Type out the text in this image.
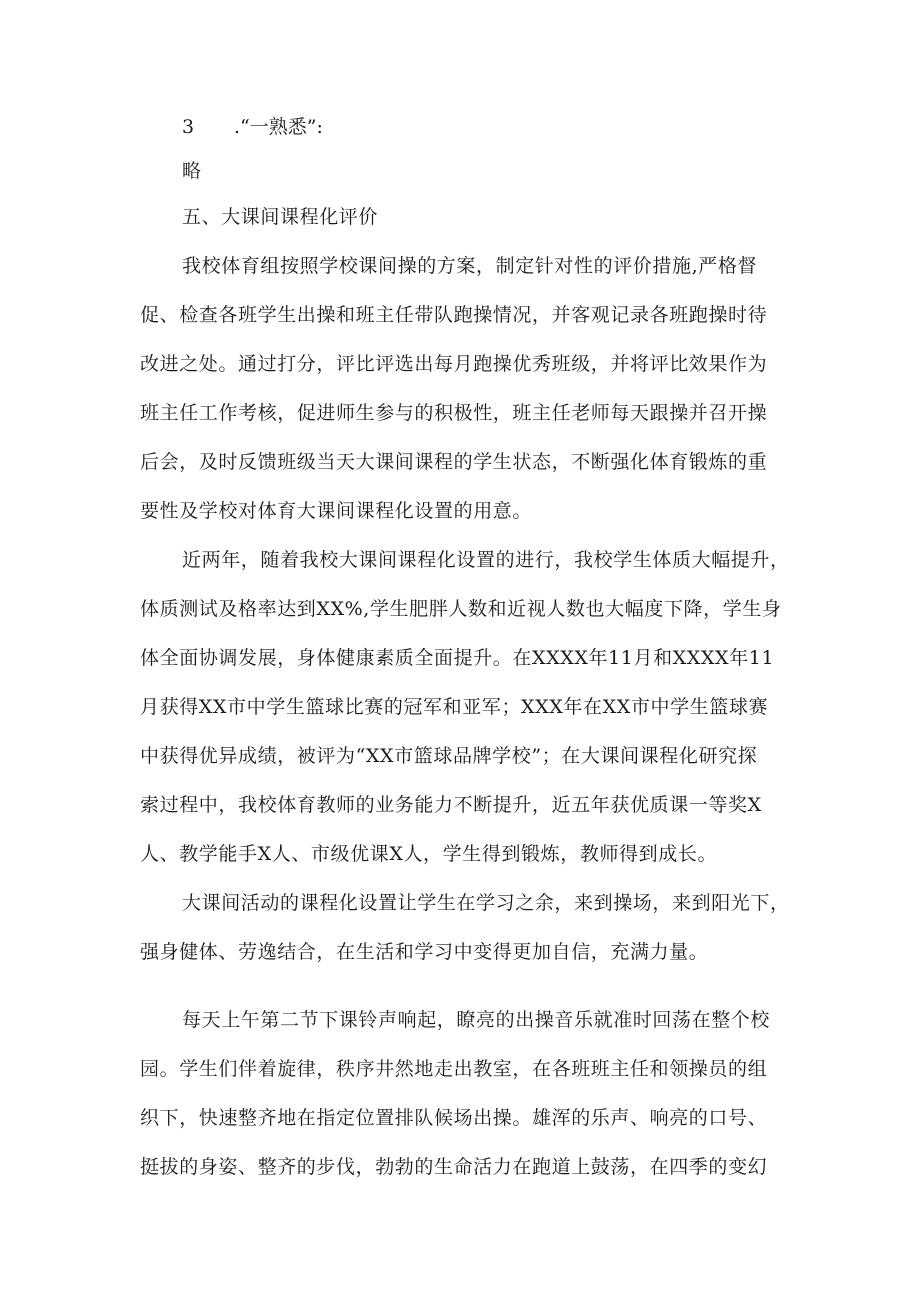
3 .“一熟悉”:
略
五、大课间课程化评价
我校体育组按照学校课间操的方案，制定针对性的评价措施,严格督
促、检查各班学生出操和班主任带队跑操情况，并客观记录各班跑操时待
改进之处。通过打分，评比评选出每月跑操优秀班级，并将评比效果作为
班主任工作考核，促进师生参与的积极性，班主任老师每天跟操并召开操
后会，及时反馈班级当天大课间课程的学生状态，不断强化体育锻炼的重
要性及学校对体育大课间课程化设置的用意。
近两年，随着我校大课间课程化设置的进行，我校学生体质大幅提升，
体质测试及格率达到XX%,学生肥胖人数和近视人数也大幅度下降，学生身
体全面协调发展，身体健康素质全面提升。在XXXX年11月和XXXX年11
月获得XX市中学生篮球比赛的冠军和亚军；XXX年在XX市中学生篮球赛
中获得优异成绩，被评为“XX市篮球品牌学校”；在大课间课程化研究探
索过程中，我校体育教师的业务能力不断提升，近五年获优质课一等奖X
人、教学能手X人、市级优课X人，学生得到锻炼，教师得到成长。
大课间活动的课程化设置让学生在学习之余，来到操场，来到阳光下，
强身健体、劳逸结合，在生活和学习中变得更加自信，充满力量。
每天上午第二节下课铃声响起，瞭亮的出操音乐就准时回荡在整个校
园。学生们伴着旋律，秩序井然地走出教室，在各班班主任和领操员的组
织下，快速整齐地在指定位置排队候场出操。雄浑的乐声、响亮的口号、
挺拔的身姿、整齐的步伐，勃勃的生命活力在跑道上鼓荡，在四季的变幻
